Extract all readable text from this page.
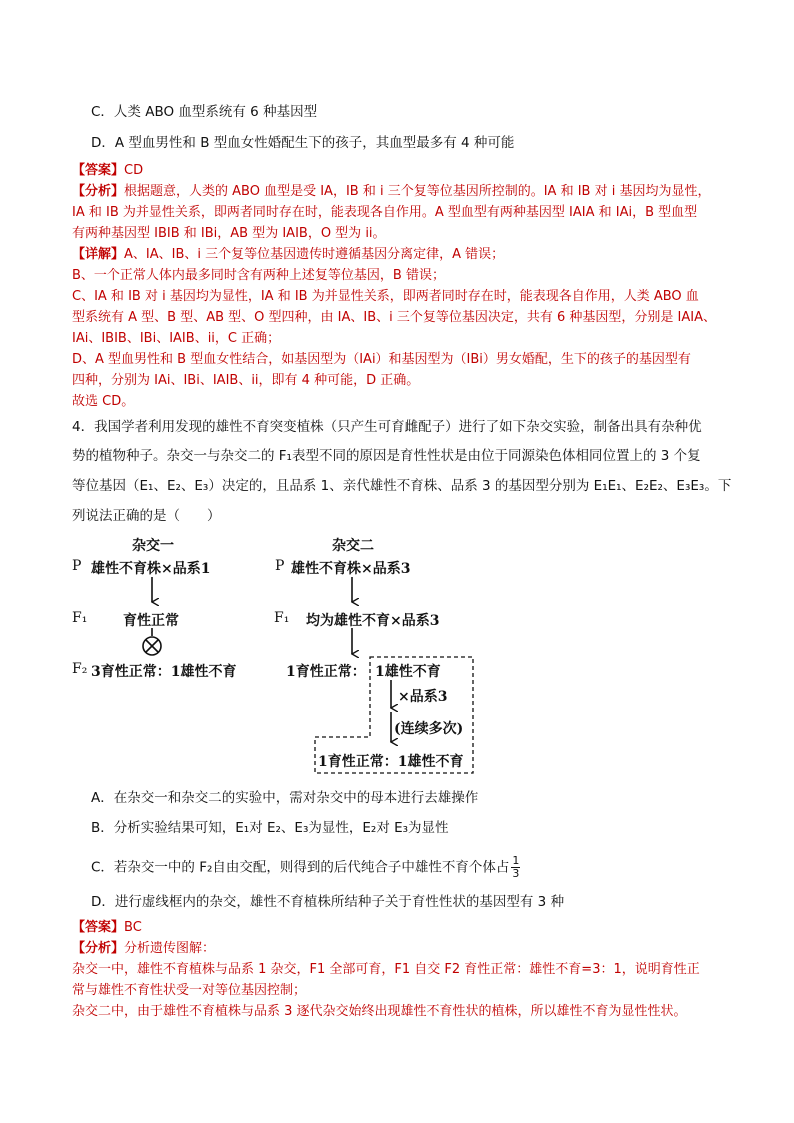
C．人类 ABO 血型系统有 6 种基因型
D．A 型血男性和 B 型血女性婚配生下的孩子，其血型最多有 4 种可能
【答案】CD
【分析】根据题意，人类的 ABO 血型是受 IA，IB 和 i 三个复等位基因所控制的。IA 和 IB 对 i 基因均为显性，
IA 和 IB 为并显性关系，即两者同时存在时，能表现各自作用。A 型血型有两种基因型 IAIA 和 IAi，B 型血型
有两种基因型 IBIB 和 IBi，AB 型为 IAIB，O 型为 ii。
【详解】A、IA、IB、i 三个复等位基因遗传时遵循基因分离定律，A 错误；
B、一个正常人体内最多同时含有两种上述复等位基因，B 错误；
C、IA 和 IB 对 i 基因均为显性，IA 和 IB 为并显性关系，即两者同时存在时，能表现各自作用，人类 ABO 血
型系统有 A 型、B 型、AB 型、O 型四种，由 IA、IB、i 三个复等位基因决定，共有 6 种基因型，分别是 IAIA、
IAi、IBIB、IBi、IAIB、ii，C 正确；
D、A 型血男性和 B 型血女性结合，如基因型为（IAi）和基因型为（IBi）男女婚配，生下的孩子的基因型有
四种，分别为 IAi、IBi、IAIB、ii，即有 4 种可能，D 正确。
故选 CD。
4．我国学者利用发现的雄性不育突变植株（只产生可育雌配子）进行了如下杂交实验，制备出具有杂种优
势的植物种子。杂交一与杂交二的 F₁表型不同的原因是育性性状是由位于同源染色体相同位置上的 3 个复
等位基因（E₁、E₂、E₃）决定的，且品系 1、亲代雄性不育株、品系 3 的基因型分别为 E₁E₁、E₂E₂、E₃E₃。下
列说法正确的是（　　）
杂交一	杂交二
P 雄性不育株×品系1	P 雄性不育株×品系3
F₁	育性正常	F₁ 均为雄性不育×品系3
F₂ 3育性正常：1雄性不育	1育性正常： 1雄性不育
×品系3
(连续多次)
1育性正常：1雄性不育
A．在杂交一和杂交二的实验中，需对杂交中的母本进行去雄操作
B．分析实验结果可知，E₁对 E₂、E₃为显性，E₂对 E₃为显性
C．若杂交一中的 F₂自由交配，则得到的后代纯合子中雄性不育个体占 $\frac{1}{3}$
D．进行虚线框内的杂交，雄性不育植株所结种子关于育性性状的基因型有 3 种
【答案】BC
【分析】分析遗传图解：
杂交一中，雄性不育植株与品系 1 杂交，F1 全部可育，F1 自交 F2 育性正常：雄性不育=3：1，说明育性正
常与雄性不育性状受一对等位基因控制；
杂交二中，由于雄性不育植株与品系 3 逐代杂交始终出现雄性不育性状的植株，所以雄性不育为显性性状。
